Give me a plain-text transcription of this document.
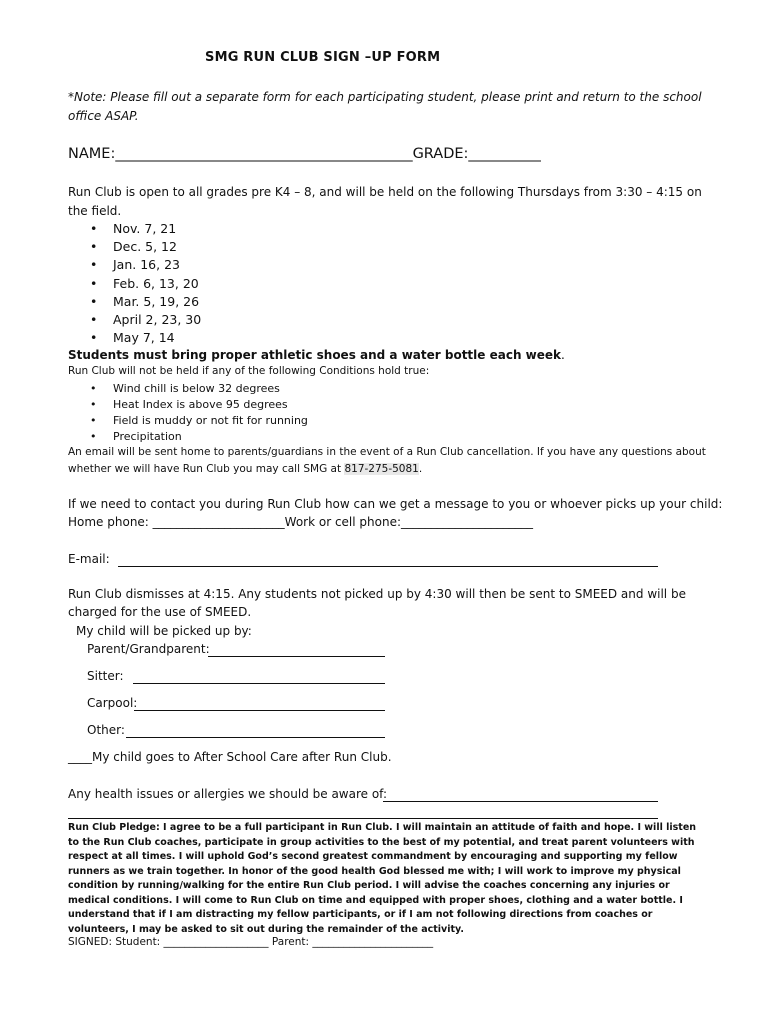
SMG RUN CLUB SIGN –UP FORM
*Note: Please fill out a separate form for each participating student, please print and return to the school office ASAP.
NAME:_________________________________________GRADE:__________
Run Club is open to all grades pre K4 – 8, and will be held on the following Thursdays from 3:30 – 4:15 on
the field.
• Nov. 7, 21
• Dec. 5, 12
• Jan. 16, 23
• Feb. 6, 13, 20
• Mar. 5, 19, 26
• April 2, 23, 30
• May 7, 14
Students must bring proper athletic shoes and a water bottle each week.
Run Club will not be held if any of the following Conditions hold true:
• Wind chill is below 32 degrees
• Heat Index is above 95 degrees
• Field is muddy or not fit for running
• Precipitation
An email will be sent home to parents/guardians in the event of a Run Club cancellation. If you have any questions about
whether we will have Run Club you may call SMG at 817-275-5081.
If we need to contact you during Run Club how can we get a message to you or whoever picks up your child:
Home phone: ______________________Work or cell phone:______________________
E-mail:
Run Club dismisses at 4:15. Any students not picked up by 4:30 will then be sent to SMEED and will be
charged for the use of SMEED.
My child will be picked up by:
Parent/Grandparent:
Sitter:
Carpool:
Other:
____My child goes to After School Care after Run Club.
Any health issues or allergies we should be aware of:
Run Club Pledge: I agree to be a full participant in Run Club. I will maintain an attitude of faith and hope. I will listen to the Run Club coaches, participate in group activities to the best of my potential, and treat parent volunteers with respect at all times. I will uphold God’s second greatest commandment by encouraging and supporting my fellow runners as we train together. In honor of the good health God blessed me with; I will work to improve my physical condition by running/walking for the entire Run Club period. I will advise the coaches concerning any injuries or medical conditions. I will come to Run Club on time and equipped with proper shoes, clothing and a water bottle. I understand that if I am distracting my fellow participants, or if I am not following directions from coaches or volunteers, I may be asked to sit out during the remainder of the activity.
SIGNED: Student: ____________________ Parent: _______________________
